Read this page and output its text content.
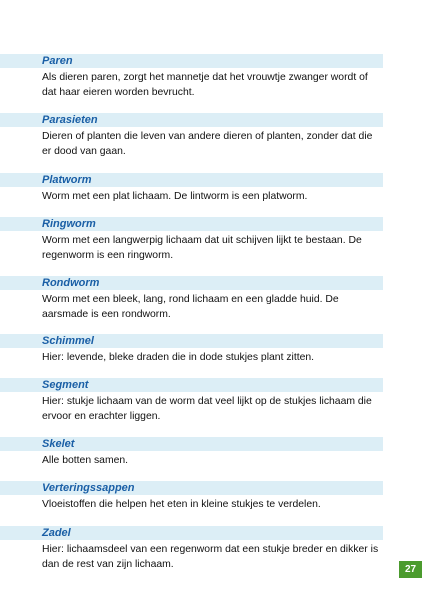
Paren
Als dieren paren, zorgt het mannetje dat het vrouwtje zwanger wordt of dat haar eieren worden bevrucht.
Parasieten
Dieren of planten die leven van andere dieren of planten, zonder dat die er dood van gaan.
Platworm
Worm met een plat lichaam. De lintworm is een platworm.
Ringworm
Worm met een langwerpig lichaam dat uit schijven lijkt te bestaan. De regenworm is een ringworm.
Rondworm
Worm met een bleek, lang, rond lichaam en een gladde huid. De aarsmade is een rondworm.
Schimmel
Hier: levende, bleke draden die in dode stukjes plant zitten.
Segment
Hier: stukje lichaam van de worm dat veel lijkt op de stukjes lichaam die ervoor en erachter liggen.
Skelet
Alle botten samen.
Verteringssappen
Vloeistoffen die helpen het eten in kleine stukjes te verdelen.
Zadel
Hier: lichaamsdeel van een regenworm dat een stukje breder en dikker is dan de rest van zijn lichaam.	27
